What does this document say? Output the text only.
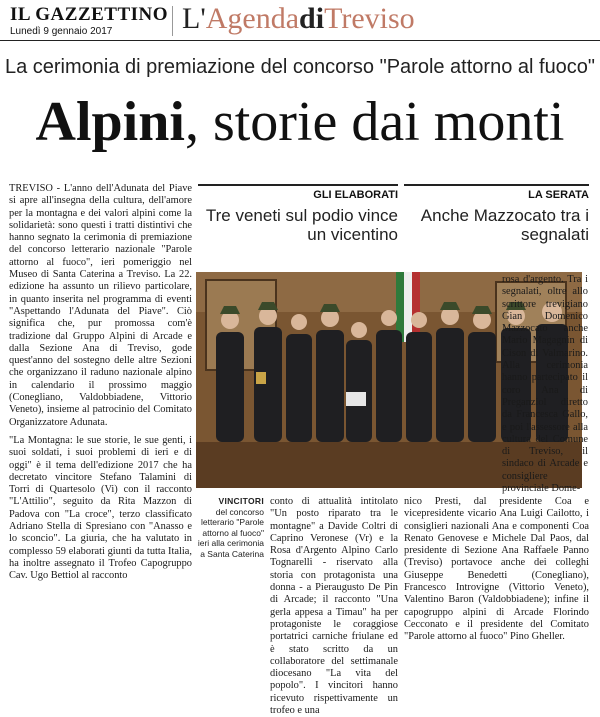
IL GAZZETTINO
Lunedì 9 gennaio 2017 L'AgendadiTreviso
La cerimonia di premiazione del concorso "Parole attorno al fuoco"
Alpini, storie dai monti

TREVISO - L'anno dell'Adunata del Piave si apre all'insegna della cultura, dell'amore per la montagna e dei valori alpini come la solidarietà: sono questi i tratti distintivi che hanno segnato la cerimonia di premiazione del concorso letterario nazionale "Parole attorno al fuoco", ieri pomeriggio nel Museo di Santa Caterina a Treviso. La 22. edizione ha assunto un rilievo particolare, in quanto inserita nel programma di eventi "Aspettando l'Adunata del Piave". Ciò significa che, pur promossa com'è tradizione dal Gruppo Alpini di Arcade e dalla Sezione Ana di Treviso, gode quest'anno del sostegno delle altre Sezioni che organizzano il raduno nazionale alpino in calendario il prossimo maggio (Conegliano, Valdobbiadene, Vittorio Veneto), insieme al patrocinio del Comitato Organizzatore Adunata.

"La Montagna: le sue storie, le sue genti, i suoi soldati, i suoi problemi di ieri e di oggi" è il tema dell'edizione 2017 che ha decretato vincitore Stefano Talamini di Torri di Quartesolo (Vi) con il racconto "L'Attilio", seguito da Rita Mazzon di Padova con "La croce", terzo classificato Adriano Stella di Spresiano con "Anasso e lo sconcio". La giuria, che ha valutato in complesso 59 elaborati giunti da tutta Italia, ha inoltre assegnato il Trofeo Capogruppo Cav. Ugo Bettiol al racconto

GLI ELABORATI
Tre veneti sul podio vince un vicentino
LA SERATA
Anche Mazzocato tra i segnalati
VINCITORI
del concorso letterario "Parole attorno al fuoco" ieri alla cerimonia a Santa Caterina

conto di attualità intitolato "Un posto riparato tra le montagne" a Davide Coltri di Caprino Veronese (Vr) e la Rosa d'Argento Alpino Carlo Tognarelli - riservato alla storia con protagonista una donna - a Pieraugusto De Pin di Arcade; il racconto "Una gerla appesa a Timau" ha per protagoniste le coraggiose portatrici carniche friulane ed è stato scritto da un collaboratore del settimanale diocesano "La vita del popolo". I vincitori hanno ricevuto rispettivamente un trofeo e una

nico Presti, dal presidente Coa e vicepresidente vicario Ana Luigi Cailotto, i consiglieri nazionali Ana e componenti Coa Renato Genovese e Michele Dal Paos, dal presidente di Sezione Ana Raffaele Panno (Treviso) portavoce anche dei colleghi Giuseppe Benedetti (Conegliano), Francesco Introvigne (Vittorio Veneto), Valentino Baron (Valdobbiadene); infine il capogruppo alpini di Arcade Florindo Cecconato e il presidente del Comitato "Parole attorno al fuoco" Pino Gheller.

rosa d'argento. Tra i segnalati, oltre allo scrittore trevigiano Gian Domenico Mazzocato anche Mario Magagnin di Cison di Valmarino. Alla cerimonia hanno partecipato il coro Ana di Preganziol diretto da Francesca Gallo, e poi l'assessore alla cultura del Comune di Treviso, il sindaco di Arcade e consigliere provinciale Dome-
